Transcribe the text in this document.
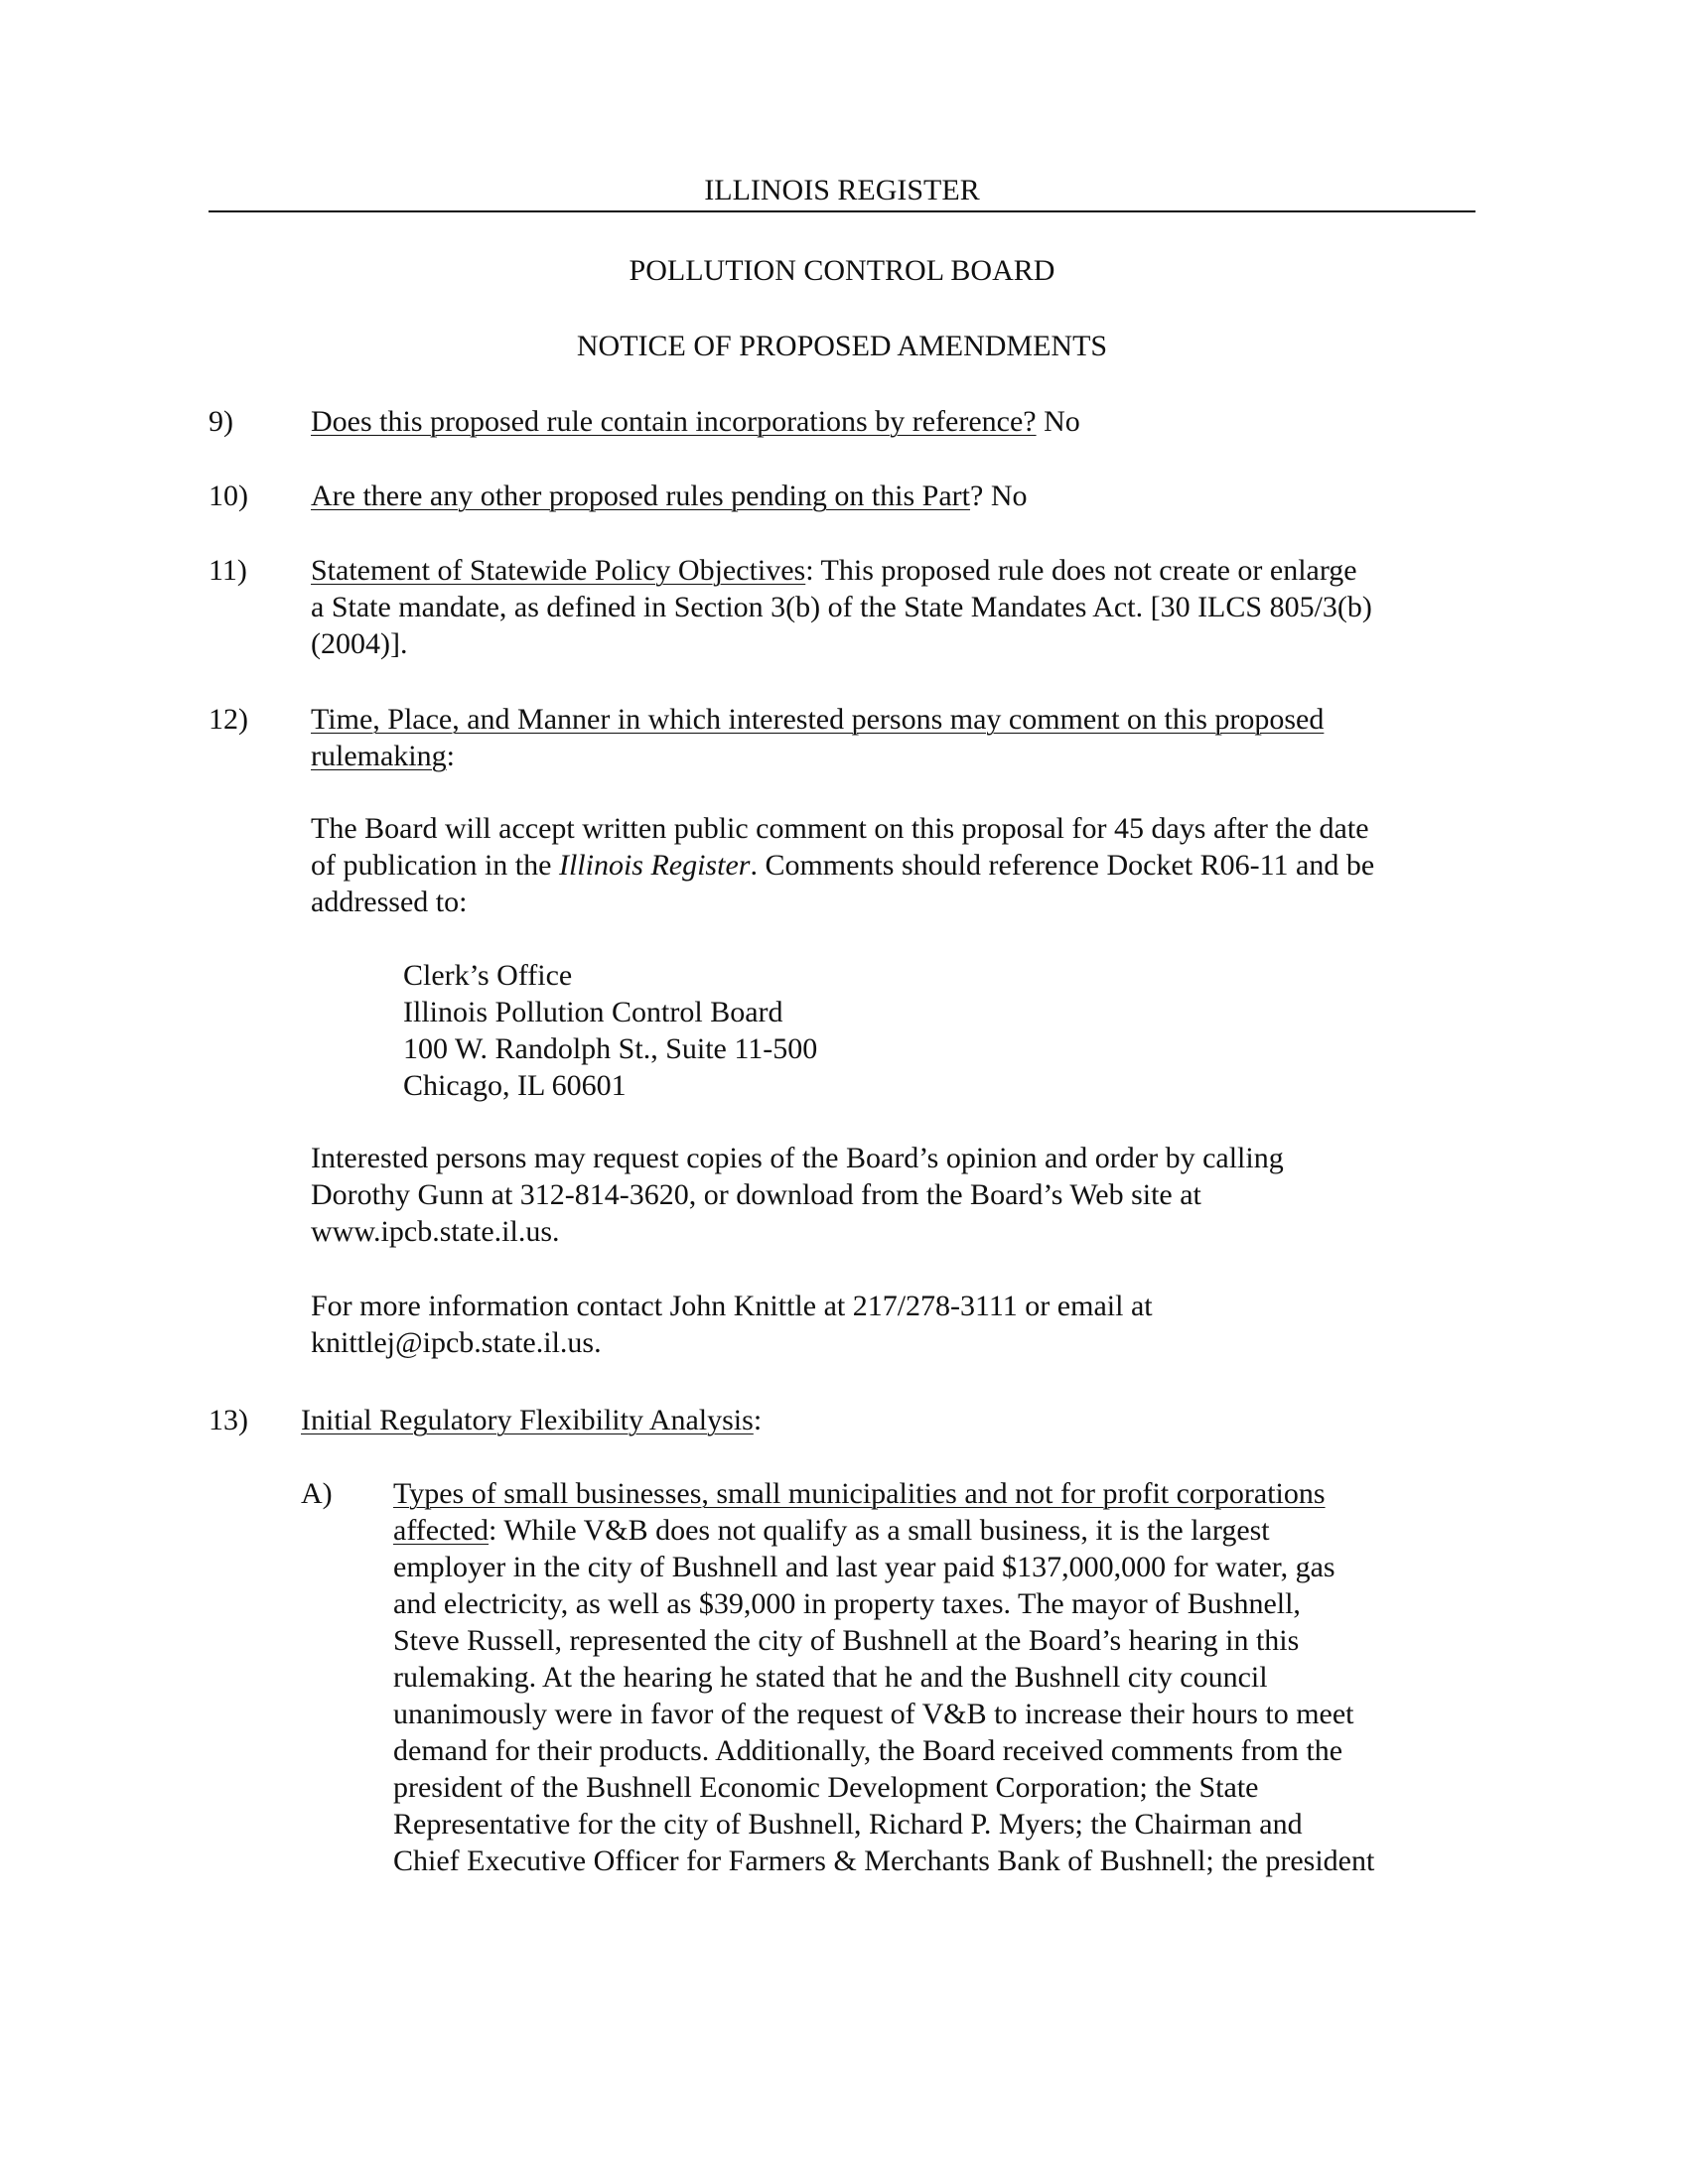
ILLINOIS REGISTER
POLLUTION CONTROL BOARD
NOTICE OF PROPOSED AMENDMENTS
9)	Does this proposed rule contain incorporations by reference? No
10) Are there any other proposed rules pending on this Part? No
11) Statement of Statewide Policy Objectives: This proposed rule does not create or enlarge
a State mandate, as defined in Section 3(b) of the State Mandates Act. [30 ILCS 805/3(b)
(2004)].
12) Time, Place, and Manner in which interested persons may comment on this proposed
rulemaking:
The Board will accept written public comment on this proposal for 45 days after the date
of publication in the Illinois Register. Comments should reference Docket R06-11 and be
addressed to:
Clerk’s Office
Illinois Pollution Control Board
100 W. Randolph St., Suite 11-500
Chicago, IL 60601
Interested persons may request copies of the Board’s opinion and order by calling
Dorothy Gunn at 312-814-3620, or download from the Board’s Web site at
www.ipcb.state.il.us.
For more information contact John Knittle at 217/278-3111 or email at
knittlej@ipcb.state.il.us.
13) Initial Regulatory Flexibility Analysis:
A) Types of small businesses, small municipalities and not for profit corporations
affected: While V&B does not qualify as a small business, it is the largest
employer in the city of Bushnell and last year paid $137,000,000 for water, gas
and electricity, as well as $39,000 in property taxes. The mayor of Bushnell,
Steve Russell, represented the city of Bushnell at the Board’s hearing in this
rulemaking. At the hearing he stated that he and the Bushnell city council
unanimously were in favor of the request of V&B to increase their hours to meet
demand for their products. Additionally, the Board received comments from the
president of the Bushnell Economic Development Corporation; the State
Representative for the city of Bushnell, Richard P. Myers; the Chairman and
Chief Executive Officer for Farmers & Merchants Bank of Bushnell; the president
